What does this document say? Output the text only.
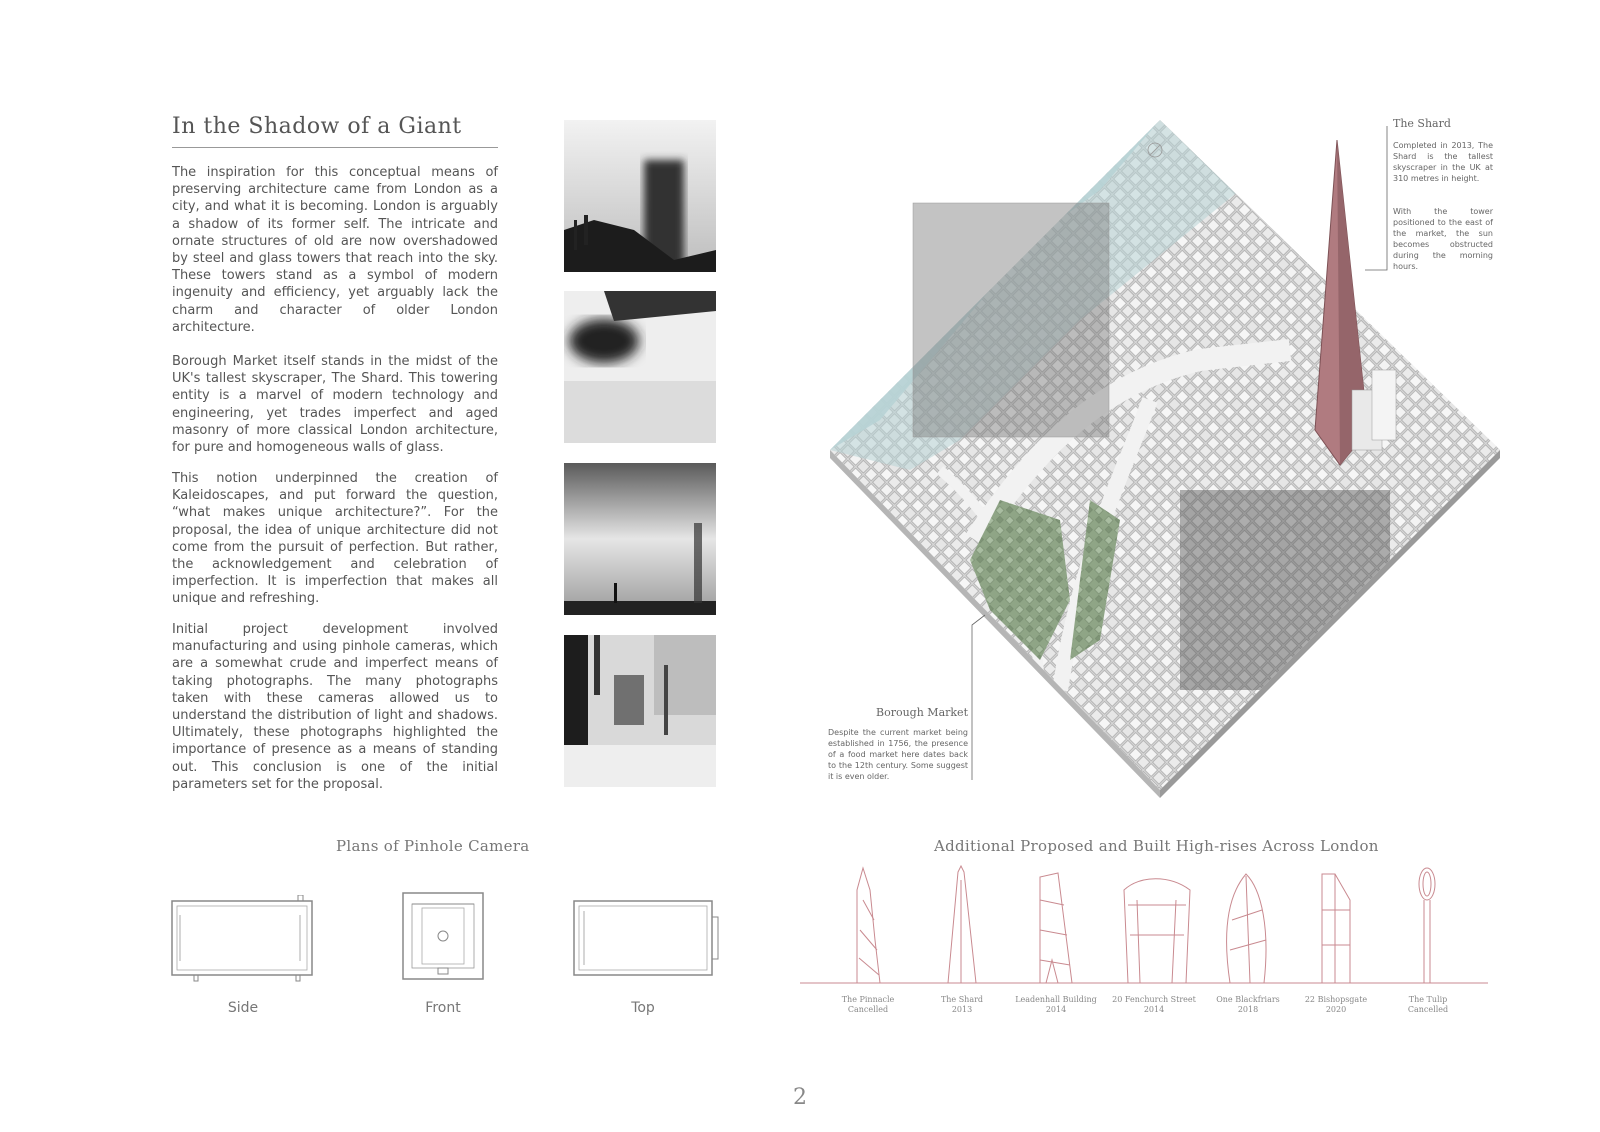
In the Shadow of a Giant

The inspiration for this conceptual means of preserving architecture came from London as a city, and what it is becoming. London is arguably a shadow of its former self. The intricate and ornate structures of old are now overshadowed by steel and glass towers that reach into the sky. These towers stand as a symbol of modern ingenuity and efficiency, yet arguably lack the charm and character of older London architecture.

Borough Market itself stands in the midst of the UK's tallest skyscraper, The Shard. This towering entity is a marvel of modern technology and engineering, yet trades imperfect and aged masonry of more classical London architecture, for pure and homogeneous walls of glass.

This notion underpinned the creation of Kaleidoscapes, and put forward the question, “what makes unique architecture?”. For the proposal, the idea of unique architecture did not come from the pursuit of perfection. But rather, the acknowledgement and celebration of imperfection. It is imperfection that makes all unique and refreshing.

Initial project development involved manufacturing and using pinhole cameras, which are a somewhat crude and imperfect means of taking photographs. The many photographs taken with these cameras allowed us to understand the distribution of light and shadows. Ultimately, these photographs highlighted the importance of presence as a means of standing out. This conclusion is one of the initial parameters set for the proposal.

The Shard
Completed in 2013, The Shard is the tallest skyscraper in the UK at 310 metres in height.
With the tower positioned to the east of the market, the sun becomes obstructed during the morning hours.
Borough Market
Despite the current market being established in 1756, the presence of a food market here dates back to the 12th century. Some suggest it is even older.
Plans of Pinhole Camera
Side	Front	Top
Additional Proposed and Built High-rises Across London
The Pinnacle
Cancelled
The Shard
2013
Leadenhall Building
2014
20 Fenchurch Street
2014
One Blackfriars
2018
22 Bishopsgate
2020
The Tulip
Cancelled
2
